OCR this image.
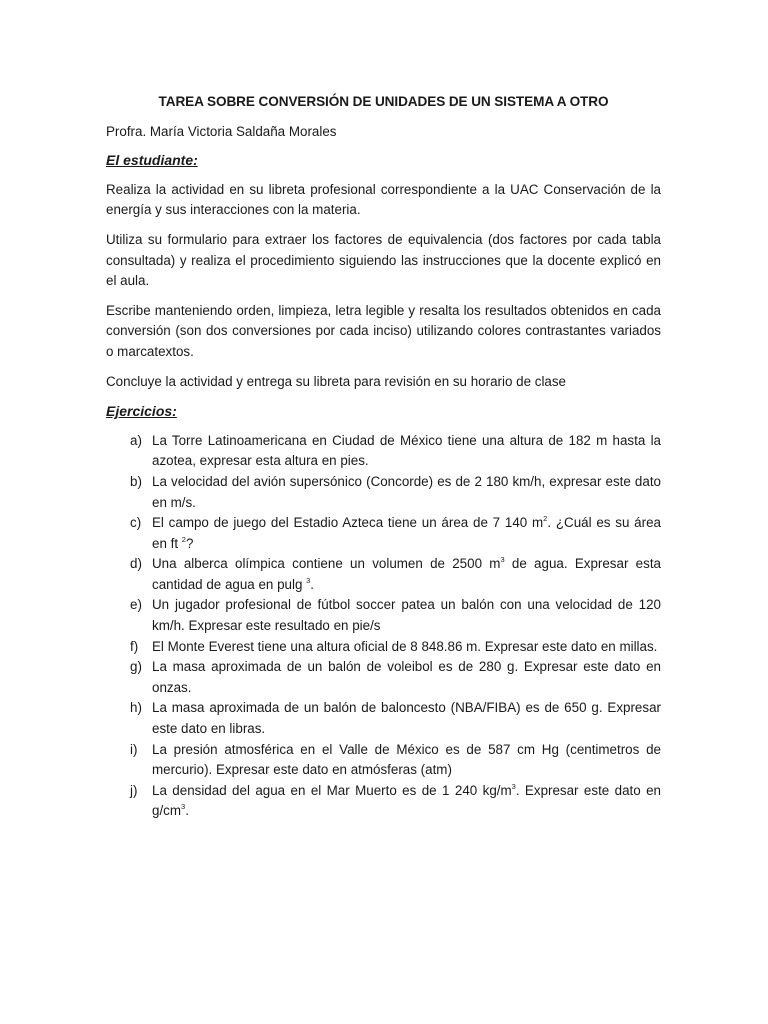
TAREA SOBRE CONVERSIÓN DE UNIDADES DE UN SISTEMA A OTRO
Profra. María Victoria Saldaña Morales
El estudiante:

Realiza la actividad en su libreta profesional correspondiente a la UAC Conservación de la energía y sus interacciones con la materia.

Utiliza su formulario para extraer los factores de equivalencia (dos factores por cada tabla consultada) y realiza el procedimiento siguiendo las instrucciones que la docente explicó en el aula.

Escribe manteniendo orden, limpieza, letra legible y resalta los resultados obtenidos en cada conversión (son dos conversiones por cada inciso) utilizando colores contrastantes variados o marcatextos.

Concluye la actividad y entrega su libreta para revisión en su horario de clase

Ejercicios:
a) La Torre Latinoamericana en Ciudad de México tiene una altura de 182 m hasta la azotea, expresar esta altura en pies.
b) La velocidad del avión supersónico (Concorde) es de 2 180 km/h, expresar este dato en m/s.
c) El campo de juego del Estadio Azteca tiene un área de 7 140 $m^2$. ¿Cuál es su área en ft $^2$?
d) Una alberca olímpica contiene un volumen de 2500 $m^3$ de agua. Expresar esta cantidad de agua en pulg $^3$.
e) Un jugador profesional de fútbol soccer patea un balón con una velocidad de 120 km/h. Expresar este resultado en pie/s
f)	El Monte Everest tiene una altura oficial de 8 848.86 m. Expresar este dato en millas.
g) La masa aproximada de un balón de voleibol es de 280 g. Expresar este dato en onzas.
h) La masa aproximada de un balón de baloncesto (NBA/FIBA) es de 650 g. Expresar este dato en libras.
i)	La presión atmosférica en el Valle de México es de 587 cm Hg (centimetros de mercurio). Expresar este dato en atmósferas (atm)
j)	La densidad del agua en el Mar Muerto es de 1 240 $kg/m^3$. Expresar este dato en $g/cm^3$.
